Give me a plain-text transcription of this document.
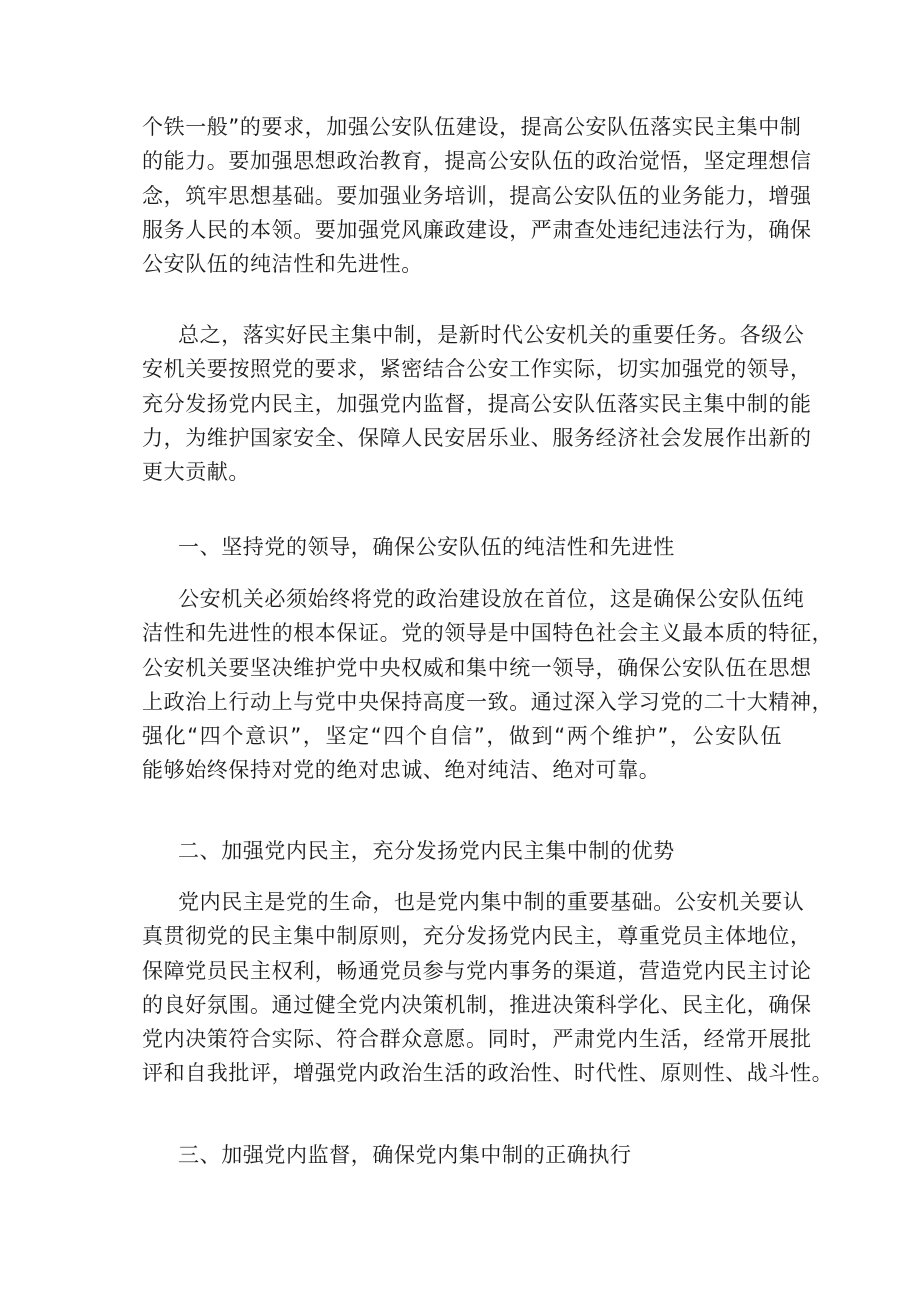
个铁一般”的要求，加强公安队伍建设，提高公安队伍落实民主集中制
的能力。要加强思想政治教育，提高公安队伍的政治觉悟，坚定理想信
念，筑牢思想基础。要加强业务培训，提高公安队伍的业务能力，增强
服务人民的本领。要加强党风廉政建设，严肃查处违纪违法行为，确保
公安队伍的纯洁性和先进性。
总之，落实好民主集中制，是新时代公安机关的重要任务。各级公
安机关要按照党的要求，紧密结合公安工作实际，切实加强党的领导，
充分发扬党内民主，加强党内监督，提高公安队伍落实民主集中制的能
力，为维护国家安全、保障人民安居乐业、服务经济社会发展作出新的
更大贡献。
一、坚持党的领导，确保公安队伍的纯洁性和先进性
公安机关必须始终将党的政治建设放在首位，这是确保公安队伍纯
洁性和先进性的根本保证。党的领导是中国特色社会主义最本质的特征，
公安机关要坚决维护党中央权威和集中统一领导，确保公安队伍在思想
上政治上行动上与党中央保持高度一致。通过深入学习党的二十大精神，
强化“四个意识”，坚定“四个自信”，做到“两个维护”，公安队伍
能够始终保持对党的绝对忠诚、绝对纯洁、绝对可靠。
二、加强党内民主，充分发扬党内民主集中制的优势
党内民主是党的生命，也是党内集中制的重要基础。公安机关要认
真贯彻党的民主集中制原则，充分发扬党内民主，尊重党员主体地位，
保障党员民主权利，畅通党员参与党内事务的渠道，营造党内民主讨论
的良好氛围。通过健全党内决策机制，推进决策科学化、民主化，确保
党内决策符合实际、符合群众意愿。同时，严肃党内生活，经常开展批
评和自我批评，增强党内政治生活的政治性、时代性、原则性、战斗性。
三、加强党内监督，确保党内集中制的正确执行
